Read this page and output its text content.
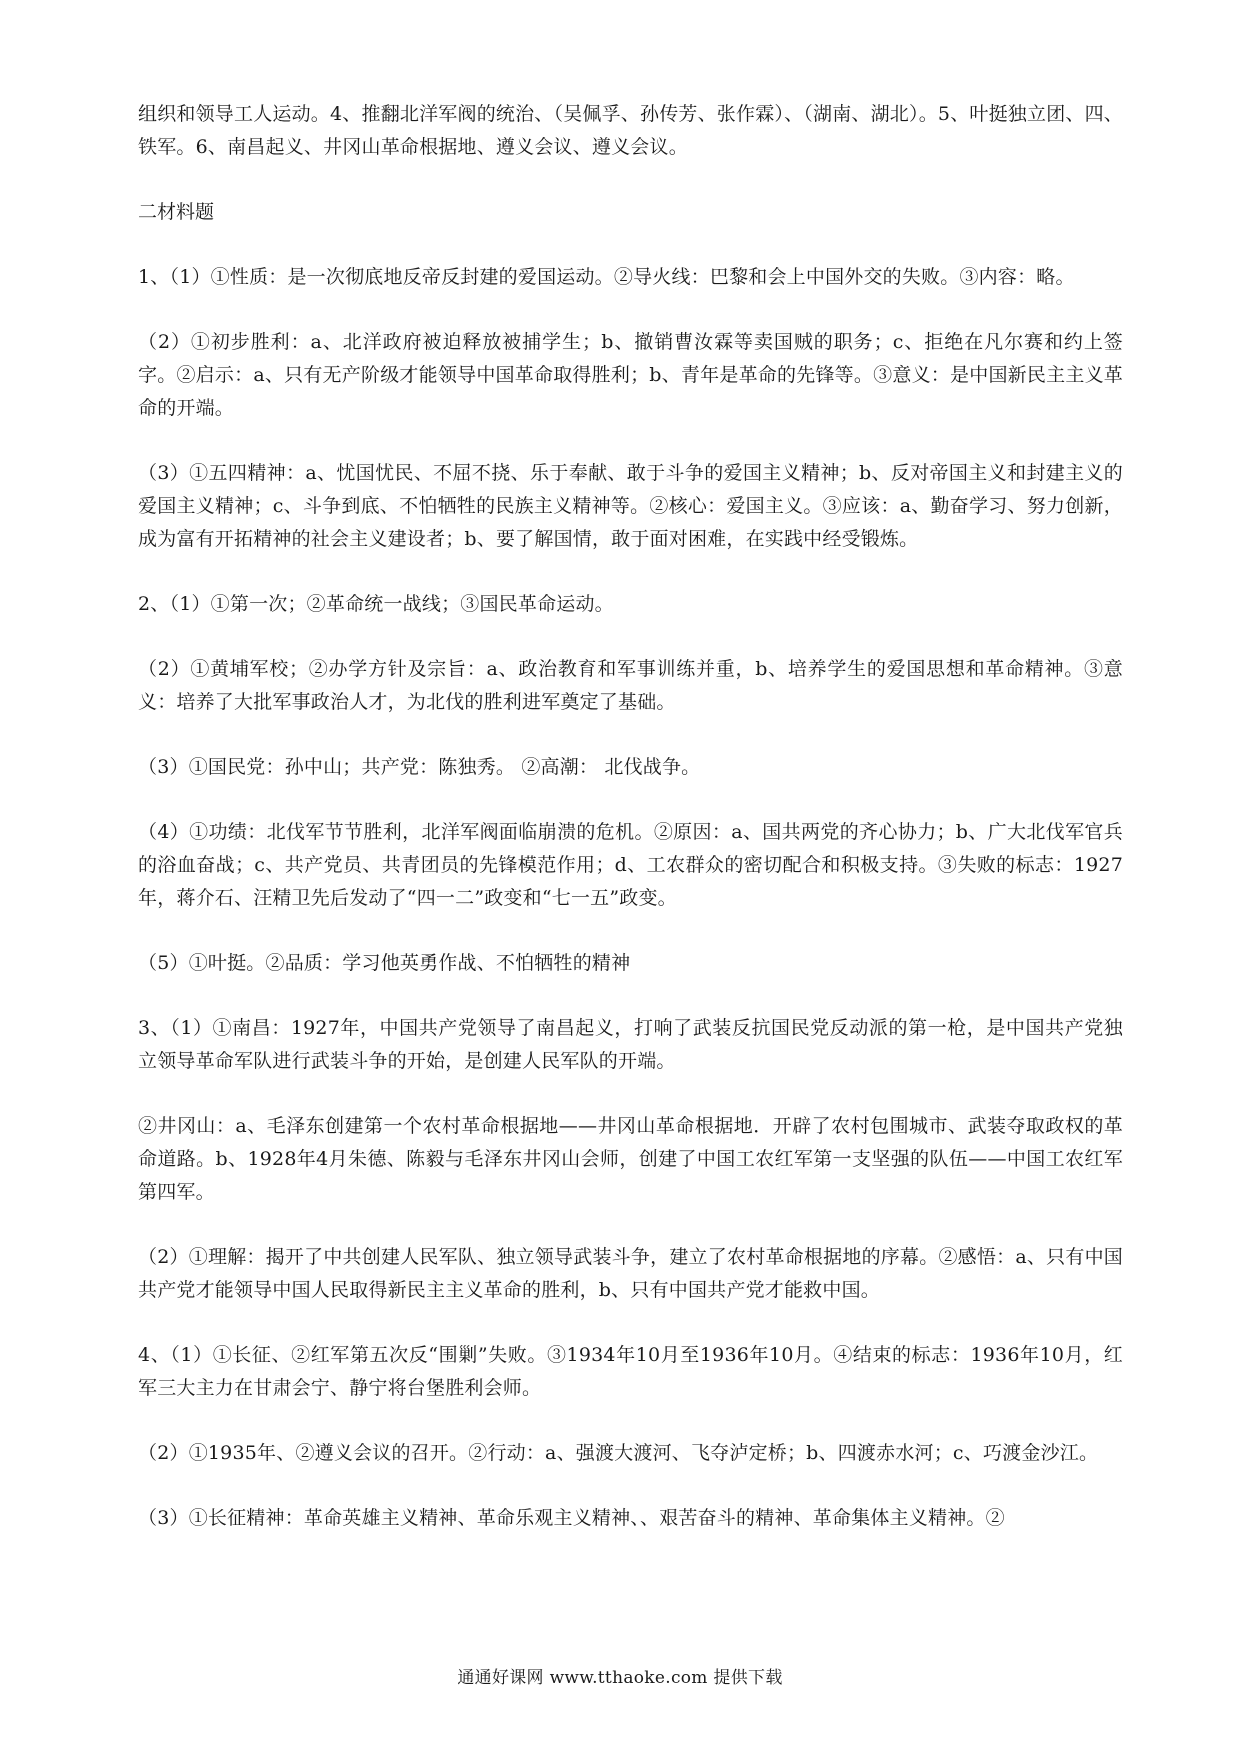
组织和领导工人运动。4、推翻北洋军阀的统治、（吴佩孚、孙传芳、张作霖）、（湖南、湖北）。5、叶挺独立团、四、铁军。6、南昌起义、井冈山革命根据地、遵义会议、遵义会议。

二材料题

1、（1）①性质：是一次彻底地反帝反封建的爱国运动。②导火线：巴黎和会上中国外交的失败。③内容：略。

（2）①初步胜利：a、北洋政府被迫释放被捕学生；b、撤销曹汝霖等卖国贼的职务；c、拒绝在凡尔赛和约上签字。②启示：a、只有无产阶级才能领导中国革命取得胜利；b、青年是革命的先锋等。③意义：是中国新民主主义革命的开端。

（3）①五四精神：a、忧国忧民、不屈不挠、乐于奉献、敢于斗争的爱国主义精神；b、反对帝国主义和封建主义的爱国主义精神；c、斗争到底、不怕牺牲的民族主义精神等。②核心：爱国主义。③应该：a、勤奋学习、努力创新，成为富有开拓精神的社会主义建设者；b、要了解国情，敢于面对困难，在实践中经受锻炼。

2、（1）①第一次；②革命统一战线；③国民革命运动。

（2）①黄埔军校；②办学方针及宗旨：a、政治教育和军事训练并重，b、培养学生的爱国思想和革命精神。③意义：培养了大批军事政治人才，为北伐的胜利进军奠定了基础。

（3）①国民党：孙中山；共产党：陈独秀。 ②高潮： 北伐战争。

（4）①功绩：北伐军节节胜利，北洋军阀面临崩溃的危机。②原因：a、国共两党的齐心协力；b、广大北伐军官兵的浴血奋战；c、共产党员、共青团员的先锋模范作用；d、工农群众的密切配合和积极支持。③失败的标志：1927年，蒋介石、汪精卫先后发动了“四一二”政变和“七一五”政变。

（5）①叶挺。②品质：学习他英勇作战、不怕牺牲的精神

3、（1）①南昌：1927年，中国共产党领导了南昌起义，打响了武装反抗国民党反动派的第一枪，是中国共产党独立领导革命军队进行武装斗争的开始，是创建人民军队的开端。

②井冈山：a、毛泽东创建第一个农村革命根据地——井冈山革命根据地．开辟了农村包围城市、武装夺取政权的革命道路。b、1928年4月朱德、陈毅与毛泽东井冈山会师，创建了中国工农红军第一支坚强的队伍——中国工农红军第四军。

（2）①理解：揭开了中共创建人民军队、独立领导武装斗争，建立了农村革命根据地的序幕。②感悟：a、只有中国共产党才能领导中国人民取得新民主主义革命的胜利，b、只有中国共产党才能救中国。

4、（1）①长征、②红军第五次反“围剿”失败。③1934年10月至1936年10月。④结束的标志：1936年10月，红军三大主力在甘肃会宁、静宁将台堡胜利会师。

（2）①1935年、②遵义会议的召开。②行动：a、强渡大渡河、飞夺泸定桥；b、四渡赤水河；c、巧渡金沙江。

（3）①长征精神：革命英雄主义精神、革命乐观主义精神、、艰苦奋斗的精神、革命集体主义精神。②

通通好课网 www.tthaoke.com 提供下载
